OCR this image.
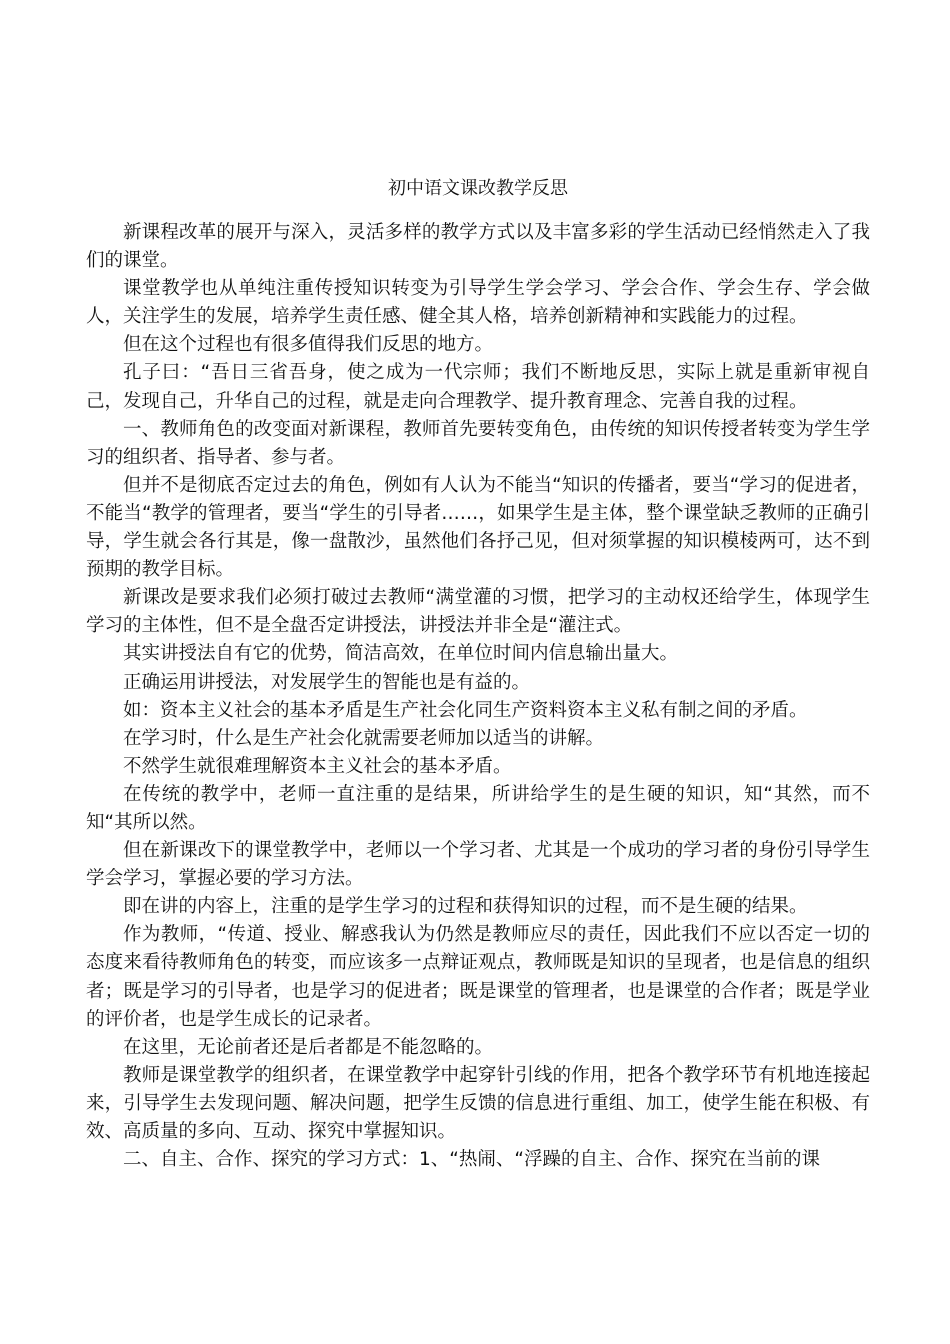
初中语文课改教学反思

新课程改革的展开与深入，灵活多样的教学方式以及丰富多彩的学生活动已经悄然走入了我们的课堂。

课堂教学也从单纯注重传授知识转变为引导学生学会学习、学会合作、学会生存、学会做人，关注学生的发展，培养学生责任感、健全其人格，培养创新精神和实践能力的过程。

但在这个过程也有很多值得我们反思的地方。

孔子曰：“吾日三省吾身，使之成为一代宗师；我们不断地反思，实际上就是重新审视自己，发现自己，升华自己的过程，就是走向合理教学、提升教育理念、完善自我的过程。

一、教师角色的改变面对新课程，教师首先要转变角色，由传统的知识传授者转变为学生学习的组织者、指导者、参与者。

但并不是彻底否定过去的角色，例如有人认为不能当“知识的传播者，要当“学习的促进者，不能当“教学的管理者，要当“学生的引导者……，如果学生是主体，整个课堂缺乏教师的正确引导，学生就会各行其是，像一盘散沙，虽然他们各抒己见，但对须掌握的知识模棱两可，达不到预期的教学目标。

新课改是要求我们必须打破过去教师“满堂灌的习惯，把学习的主动权还给学生，体现学生学习的主体性，但不是全盘否定讲授法，讲授法并非全是“灌注式。

其实讲授法自有它的优势，简洁高效，在单位时间内信息输出量大。

正确运用讲授法，对发展学生的智能也是有益的。

如：资本主义社会的基本矛盾是生产社会化同生产资料资本主义私有制之间的矛盾。

在学习时，什么是生产社会化就需要老师加以适当的讲解。

不然学生就很难理解资本主义社会的基本矛盾。

在传统的教学中，老师一直注重的是结果，所讲给学生的是生硬的知识，知“其然，而不知“其所以然。

但在新课改下的课堂教学中，老师以一个学习者、尤其是一个成功的学习者的身份引导学生学会学习，掌握必要的学习方法。

即在讲的内容上，注重的是学生学习的过程和获得知识的过程，而不是生硬的结果。

作为教师，“传道、授业、解惑我认为仍然是教师应尽的责任，因此我们不应以否定一切的态度来看待教师角色的转变，而应该多一点辩证观点，教师既是知识的呈现者，也是信息的组织者；既是学习的引导者，也是学习的促进者；既是课堂的管理者，也是课堂的合作者；既是学业的评价者，也是学生成长的记录者。

在这里，无论前者还是后者都是不能忽略的。

教师是课堂教学的组织者，在课堂教学中起穿针引线的作用，把各个教学环节有机地连接起来，引导学生去发现问题、解决问题，把学生反馈的信息进行重组、加工，使学生能在积极、有效、高质量的多向、互动、探究中掌握知识。

二、自主、合作、探究的学习方式：1、“热闹、“浮躁的自主、合作、探究在当前的课
